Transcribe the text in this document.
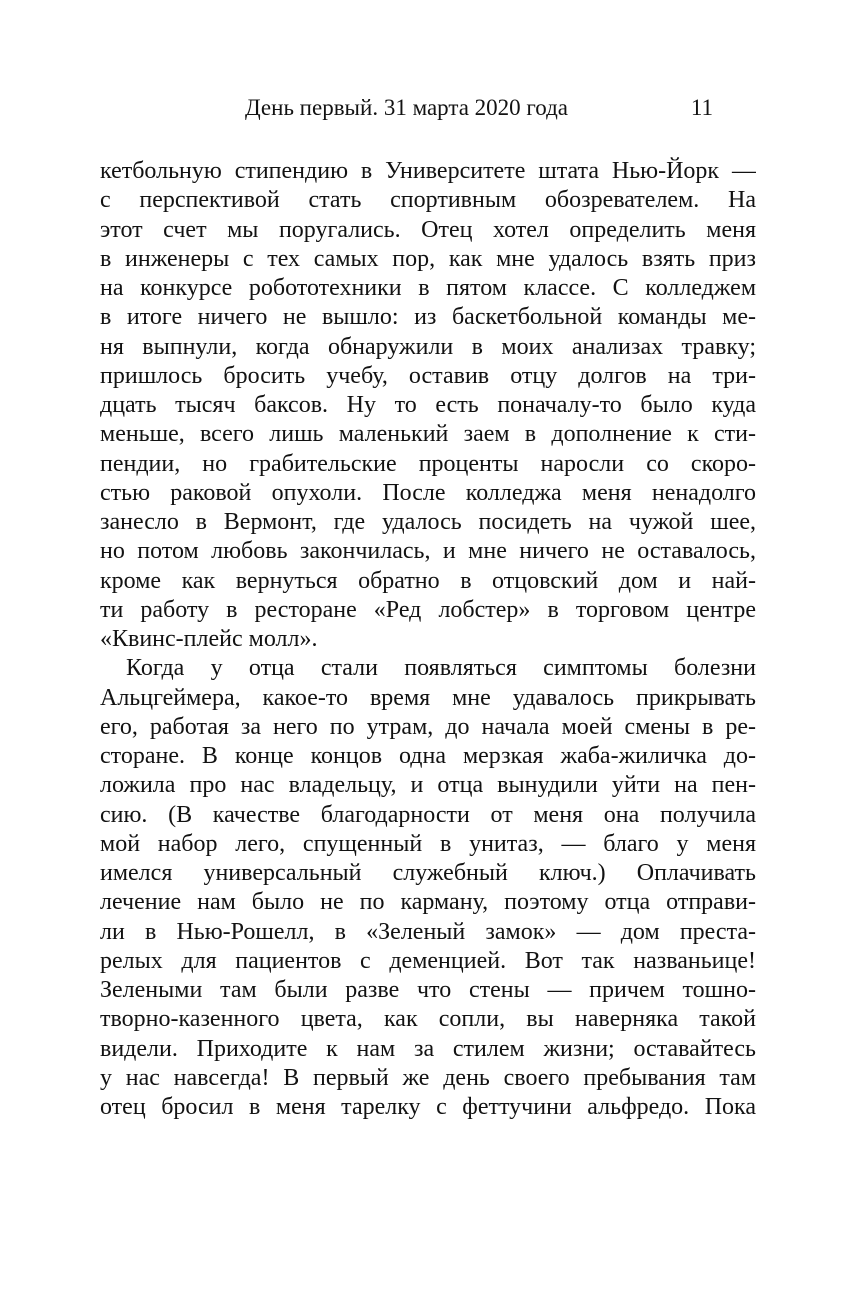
День первый. 31 марта 2020 года	11
кетбольную стипендию в Университете штата Нью-Йорк —
с перспективой стать спортивным обозревателем. На
этот счет мы поругались. Отец хотел определить меня
в инженеры с тех самых пор, как мне удалось взять приз
на конкурсе робототехники в пятом классе. С колледжем
в итоге ничего не вышло: из баскетбольной команды ме-
ня выпнули, когда обнаружили в моих анализах травку;
пришлось бросить учебу, оставив отцу долгов на три-
дцать тысяч баксов. Ну то есть поначалу-то было куда
меньше, всего лишь маленький заем в дополнение к сти-
пендии, но грабительские проценты наросли со скоро-
стью раковой опухоли. После колледжа меня ненадолго
занесло в Вермонт, где удалось посидеть на чужой шее,
но потом любовь закончилась, и мне ничего не оставалось,
кроме как вернуться обратно в отцовский дом и най-
ти работу в ресторане «Ред лобстер» в торговом центре
«Квинс-плейс молл».
Когда у отца стали появляться симптомы болезни
Альцгеймера, какое-то время мне удавалось прикрывать
его, работая за него по утрам, до начала моей смены в ре-
сторане. В конце концов одна мерзкая жаба-жиличка до-
ложила про нас владельцу, и отца вынудили уйти на пен-
сию. (В качестве благодарности от меня она получила
мой набор лего, спущенный в унитаз, — благо у меня
имелся универсальный служебный ключ.) Оплачивать
лечение нам было не по карману, поэтому отца отправи-
ли в Нью-Рошелл, в «Зеленый замок» — дом преста-
релых для пациентов с деменцией. Вот так названьице!
Зелеными там были разве что стены — причем тошно-
творно-казенного цвета, как сопли, вы наверняка такой
видели. Приходите к нам за стилем жизни; оставайтесь
у нас навсегда! В первый же день своего пребывания там
отец бросил в меня тарелку с феттучини альфредо. Пока
